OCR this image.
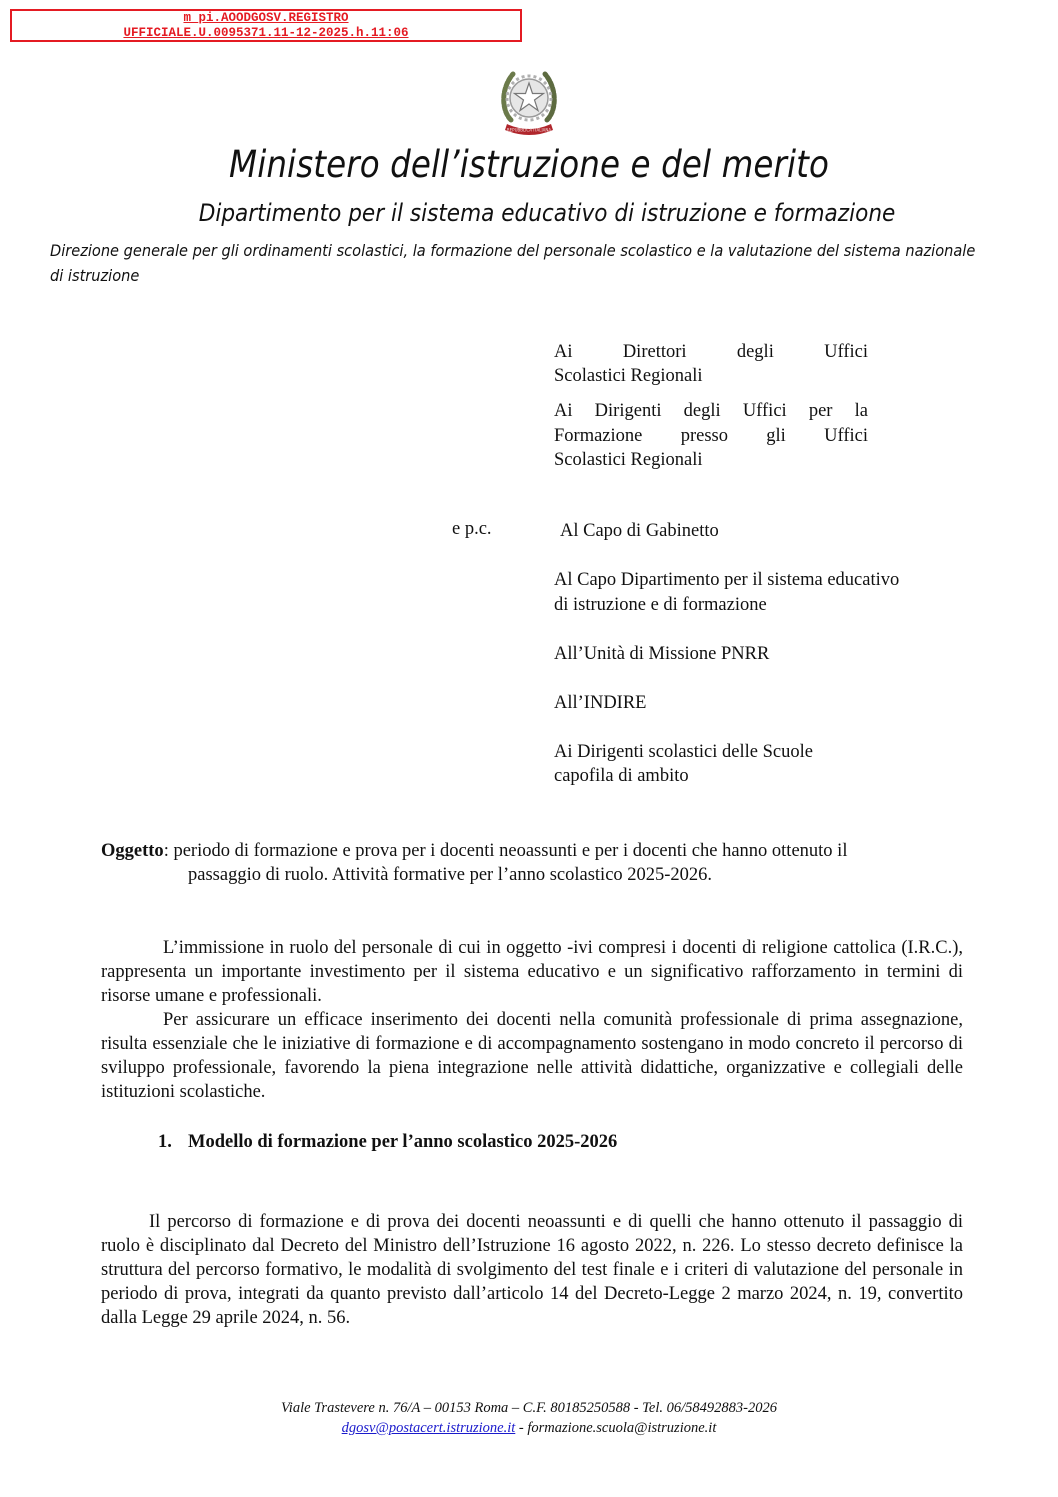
m_pi.AOODGOSV.REGISTRO
UFFICIALE.U.0095371.11-12-2025.h.11:06
REPUBBLICA ITALIANA
Ministero dell’istruzione e del merito
Dipartimento per il sistema educativo di istruzione e formazione
Direzione generale per gli ordinamenti scolastici, la formazione del personale scolastico e la valutazione del sistema nazionale di istruzione
Ai Direttori degli Uffici
Scolastici Regionali
Ai Dirigenti degli Uffici per la
Formazione presso gli Uffici
Scolastici Regionali
e p.c.	Al Capo di Gabinetto
Al Capo Dipartimento per il sistema educativo
di istruzione e di formazione
All’Unità di Missione PNRR
All’INDIRE
Ai Dirigenti scolastici delle Scuole
capofila di ambito
Oggetto: periodo di formazione e prova per i docenti neoassunti e per i docenti che hanno ottenuto il
passaggio di ruolo. Attività formative per l’anno scolastico 2025-2026.

L’immissione in ruolo del personale di cui in oggetto -ivi compresi i docenti di religione cattolica (I.R.C.), rappresenta un importante investimento per il sistema educativo e un significativo rafforzamento in termini di risorse umane e professionali.

Per assicurare un efficace inserimento dei docenti nella comunità professionale di prima assegnazione, risulta essenziale che le iniziative di formazione e di accompagnamento sostengano in modo concreto il percorso di sviluppo professionale, favorendo la piena integrazione nelle attività didattiche, organizzative e collegiali delle istituzioni scolastiche.

1. Modello di formazione per l’anno scolastico 2025-2026

Il percorso di formazione e di prova dei docenti neoassunti e di quelli che hanno ottenuto il passaggio di ruolo è disciplinato dal Decreto del Ministro dell’Istruzione 16 agosto 2022, n. 226. Lo stesso decreto definisce la struttura del percorso formativo, le modalità di svolgimento del test finale e i criteri di valutazione del personale in periodo di prova, integrati da quanto previsto dall’articolo 14 del Decreto-Legge 2 marzo 2024, n. 19, convertito dalla Legge 29 aprile 2024, n. 56.

Viale Trastevere n. 76/A – 00153 Roma – C.F. 80185250588 - Tel. 06/58492883-2026
dgosv@postacert.istruzione.it - formazione.scuola@istruzione.it
